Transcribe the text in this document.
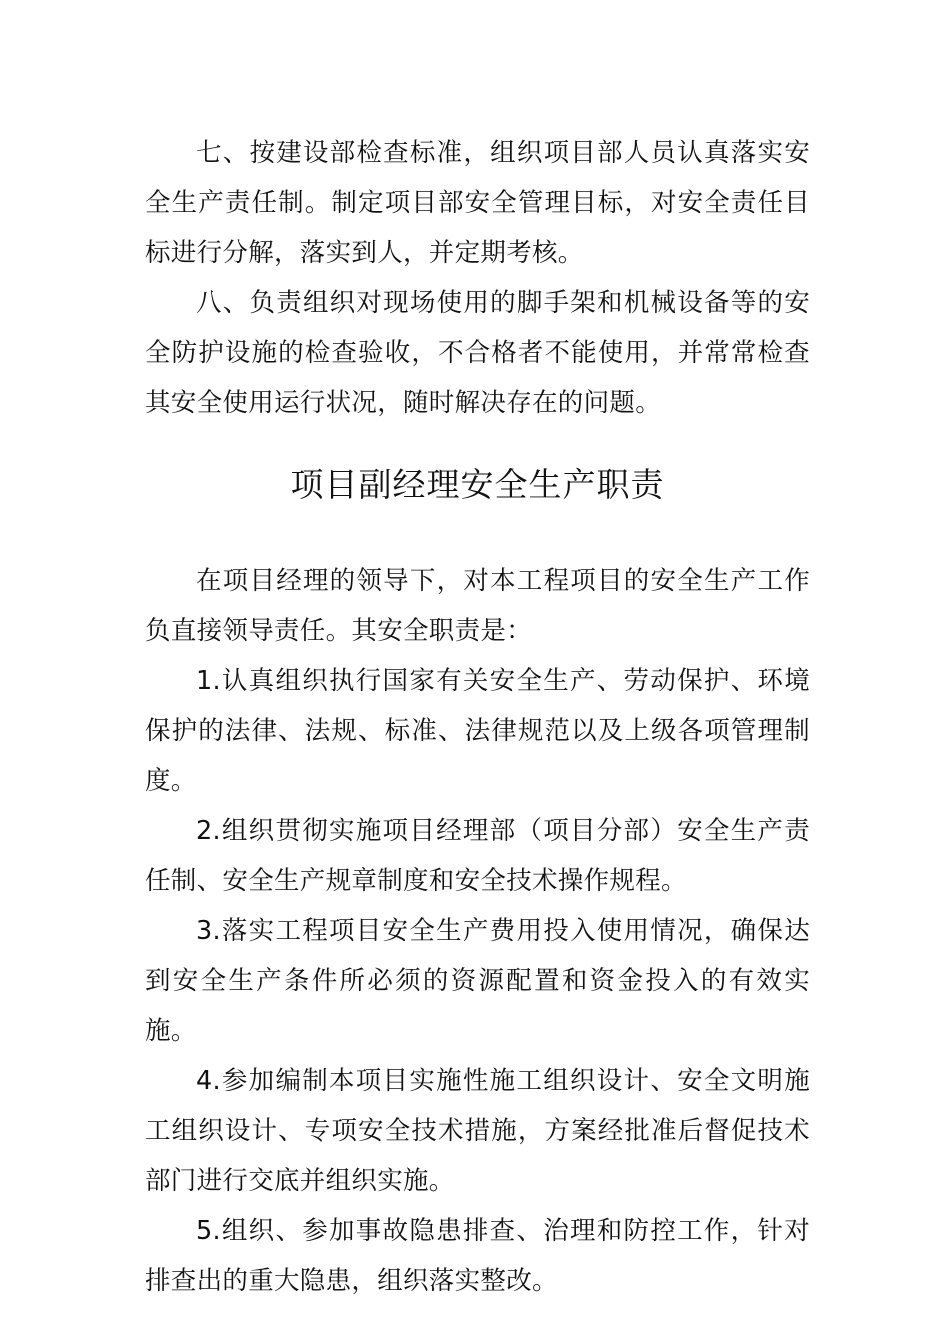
七、按建设部检查标准，组织项目部人员认真落实安全生产责任制。制定项目部安全管理目标，对安全责任目标进行分解，落实到人，并定期考核。

八、负责组织对现场使用的脚手架和机械设备等的安全防护设施的检查验收，不合格者不能使用，并常常检查其安全使用运行状况，随时解决存在的问题。

项目副经理安全生产职责

在项目经理的领导下，对本工程项目的安全生产工作负直接领导责任。其安全职责是：

1.认真组织执行国家有关安全生产、劳动保护、环境保护的法律、法规、标准、法律规范以及上级各项管理制度。

2.组织贯彻实施项目经理部（项目分部）安全生产责任制、安全生产规章制度和安全技术操作规程。

3.落实工程项目安全生产费用投入使用情况，确保达到安全生产条件所必须的资源配置和资金投入的有效实施。

4.参加编制本项目实施性施工组织设计、安全文明施工组织设计、专项安全技术措施，方案经批准后督促技术部门进行交底并组织实施。

5.组织、参加事故隐患排查、治理和防控工作，针对排查出的重大隐患，组织落实整改。
